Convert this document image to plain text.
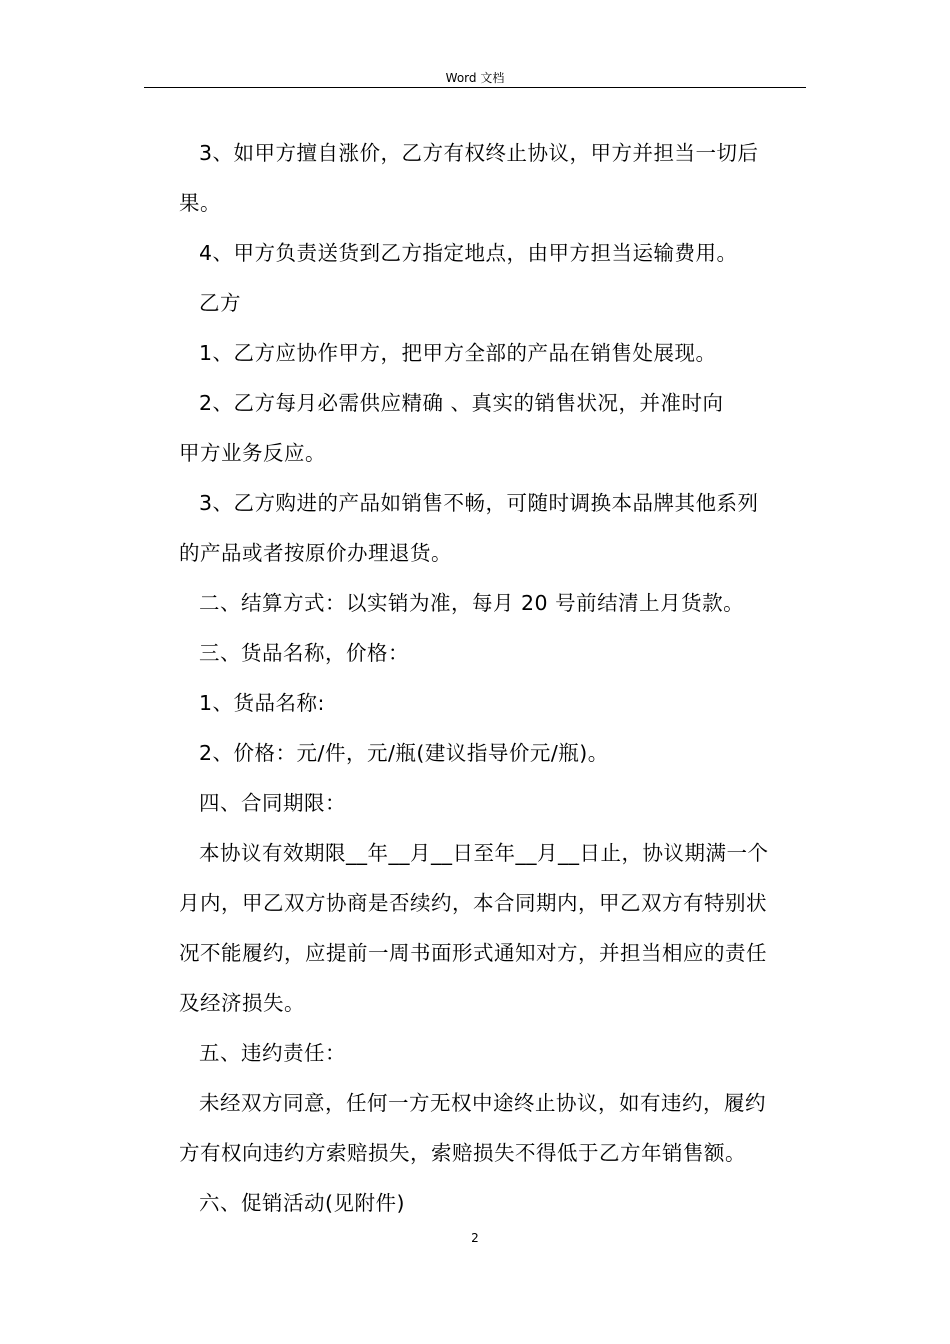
Word 文档
3、如甲方擅自涨价，乙方有权终止协议，甲方并担当一切后
果。
4、甲方负责送货到乙方指定地点，由甲方担当运输费用。
乙方
1、乙方应协作甲方，把甲方全部的产品在销售处展现。
2、乙方每月必需供应精确 、真实的销售状况，并准时向
甲方业务反应。
3、乙方购进的产品如销售不畅，可随时调换本品牌其他系列
的产品或者按原价办理退货。
二、结算方式：以实销为准，每月 20 号前结清上月货款。
三、货品名称，价格：
1、货品名称:
2、价格：元/件，元/瓶(建议指导价元/瓶)。
四、合同期限：
本协议有效期限__年__月__日至年__月__日止，协议期满一个
月内，甲乙双方协商是否续约，本合同期内，甲乙双方有特别状
况不能履约，应提前一周书面形式通知对方，并担当相应的责任
及经济损失。
五、违约责任：
未经双方同意，任何一方无权中途终止协议，如有违约，履约
方有权向违约方索赔损失，索赔损失不得低于乙方年销售额。
六、促销活动(见附件)
2
